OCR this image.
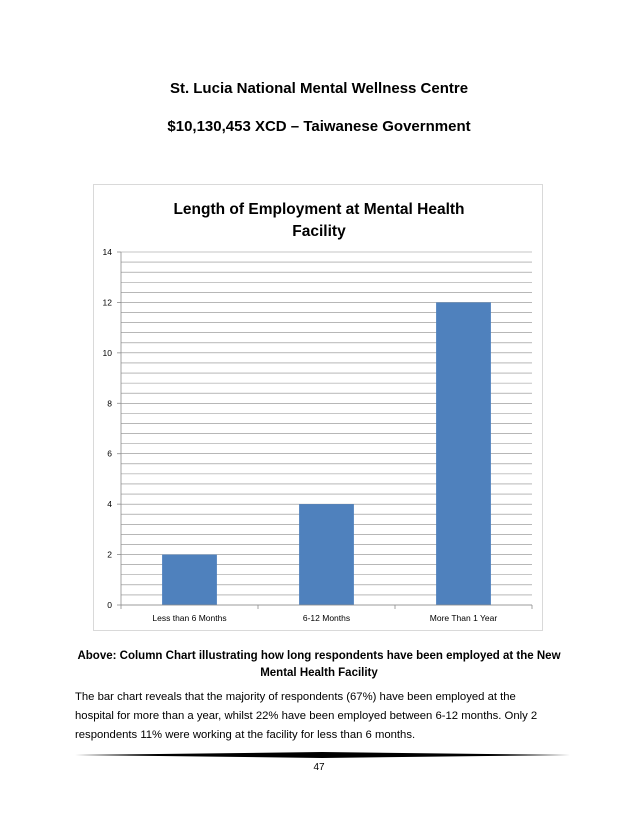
St. Lucia National Mental Wellness Centre
$10,130,453 XCD – Taiwanese Government
Length of Employment at Mental Health
Facility
0
2
4
6
8
10
12
14
Less than 6 Months	6-12 Months	More Than 1 Year
Above: Column Chart illustrating how long respondents have been employed at the New
Mental Health Facility
The bar chart reveals that the majority of respondents (67%) have been employed at the
hospital for more than a year, whilst 22% have been employed between 6-12 months. Only 2
respondents 11% were working at the facility for less than 6 months.
47
